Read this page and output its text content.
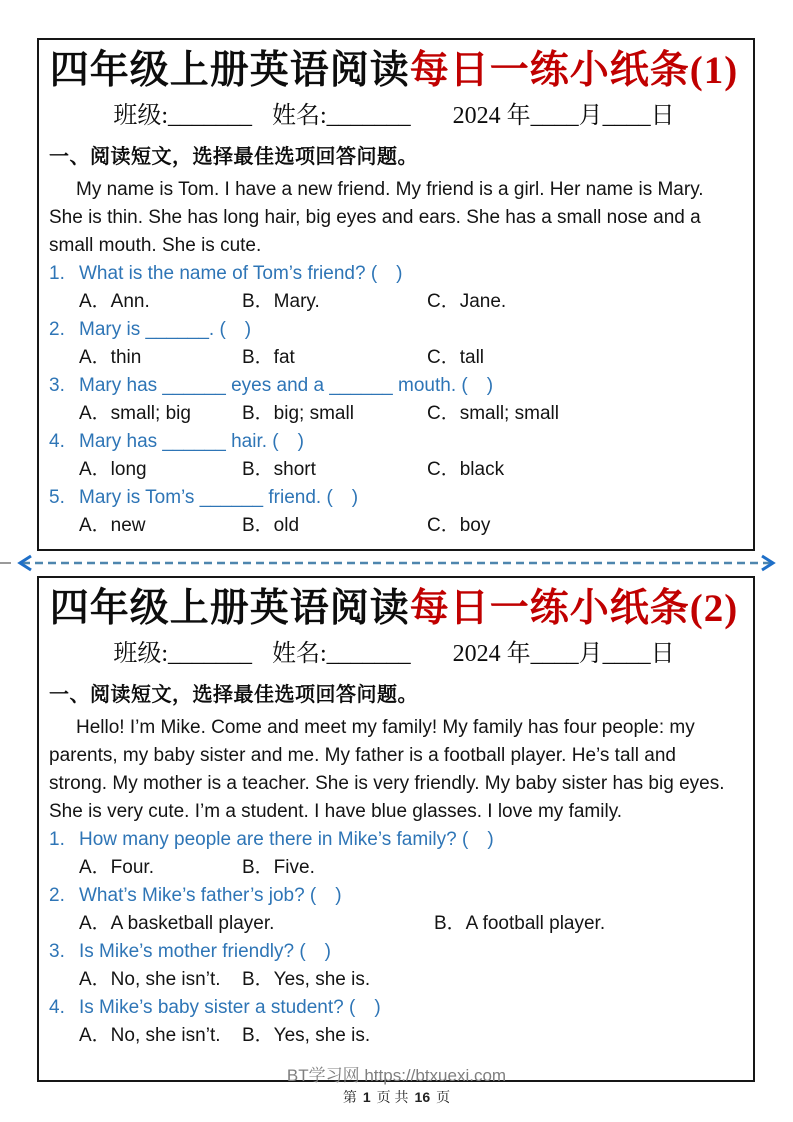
四年级上册英语阅读每日一练小纸条(1)
班级:_______ 姓名:_______ 2024 年____月____日
一、阅读短文，选择最佳选项回答问题。
My name is Tom. I have a new friend. My friend is a girl. Her name is Mary. She is thin. She has long hair, big eyes and ears. She has a small nose and a small mouth. She is cute.
1. What is the name of Tom’s friend? (　)
A．Ann.	B．Mary.	C．Jane.
2. Mary is ______. (　)
A．thin	B．fat	C．tall
3. Mary has ______ eyes and a ______ mouth. (　)
A．small; big	B．big; small	C．small; small
4. Mary has ______ hair. (　)
A．long	B．short	C．black
5. Mary is Tom’s ______ friend. (　)
A．new	B．old	C．boy
四年级上册英语阅读每日一练小纸条(2)
班级:_______ 姓名:_______ 2024 年____月____日
一、阅读短文，选择最佳选项回答问题。
Hello! I’m Mike. Come and meet my family! My family has four people: my parents, my baby sister and me. My father is a football player. He’s tall and strong. My mother is a teacher. She is very friendly. My baby sister has big eyes. She is very cute. I’m a student. I have blue glasses. I love my family.
1. How many people are there in Mike’s family? (　)
A．Four.	B．Five.
2. What’s Mike’s father’s job? (　)
A．A basketball player.	B．A football player.
3. Is Mike’s mother friendly? (　)
A．No, she isn’t.	B．Yes, she is.
4. Is Mike’s baby sister a student? (　)
A．No, she isn’t.	B．Yes, she is.
BT学习网 https://btxuexi.com
第 1 页 共 16 页
